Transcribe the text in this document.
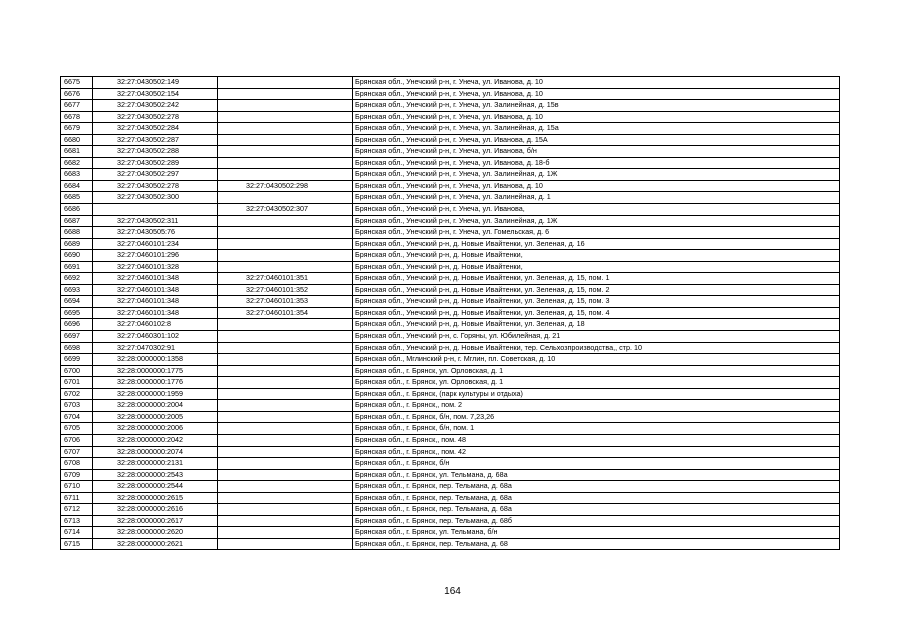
6675	32:27:0430502:149		Брянская обл., Унечский р-н, г. Унеча, ул. Иванова, д. 10
6676	32:27:0430502:154		Брянская обл., Унечский р-н, г. Унеча, ул. Иванова, д. 10
6677	32:27:0430502:242		Брянская обл., Унечский р-н, г. Унеча, ул. Залинейная, д. 15в
6678	32:27:0430502:278		Брянская обл., Унечский р-н, г. Унеча, ул. Иванова, д. 10
6679	32:27:0430502:284		Брянская обл., Унечский р-н, г. Унеча, ул. Залинейная, д. 15а
6680	32:27:0430502:287		Брянская обл., Унечский р-н, г. Унеча, ул. Иванова, д. 15А
6681	32:27:0430502:288		Брянская обл., Унечский р-н, г. Унеча, ул. Иванова, б/н
6682	32:27:0430502:289		Брянская обл., Унечский р-н, г. Унеча, ул. Иванова, д. 18-б
6683	32:27:0430502:297		Брянская обл., Унечский р-н, г. Унеча, ул. Залинейная, д. 1Ж
6684	32:27:0430502:278	32:27:0430502:298	Брянская обл., Унечский р-н, г. Унеча, ул. Иванова, д. 10
6685	32:27:0430502:300		Брянская обл., Унечский р-н, г. Унеча, ул. Залинейная, д. 1
6686		32:27:0430502:307	Брянская обл., Унечский р-н, г. Унеча, ул. Иванова,
6687	32:27:0430502:311		Брянская обл., Унечский р-н, г. Унеча, ул. Залинейная, д. 1Ж
6688	32:27:0430505:76		Брянская обл., Унечский р-н, г. Унеча, ул. Гомельская, д. 6
6689	32:27:0460101:234		Брянская обл., Унечский р-н, д. Новые Ивайтенки, ул. Зеленая, д. 16
6690	32:27:0460101:296		Брянская обл., Унечский р-н, д. Новые Ивайтенки,
6691	32:27:0460101:328		Брянская обл., Унечский р-н, д. Новые Ивайтенки,
6692	32:27:0460101:348	32:27:0460101:351	Брянская обл., Унечский р-н, д. Новые Ивайтенки, ул. Зеленая, д. 15, пом. 1
6693	32:27:0460101:348	32:27:0460101:352	Брянская обл., Унечский р-н, д. Новые Ивайтенки, ул. Зеленая, д. 15, пом. 2
6694	32:27:0460101:348	32:27:0460101:353	Брянская обл., Унечский р-н, д. Новые Ивайтенки, ул. Зеленая, д. 15, пом. 3
6695	32:27:0460101:348	32:27:0460101:354	Брянская обл., Унечский р-н, д. Новые Ивайтенки, ул. Зеленая, д. 15, пом. 4
6696	32:27:0460102:8		Брянская обл., Унечский р-н, д. Новые Ивайтенки, ул. Зеленая, д. 18
6697	32:27:0460301:102		Брянская обл., Унечский р-н, с. Горяны, ул. Юбилейная, д. 21
6698	32:27:0470302:91		Брянская обл., Унечский р-н, д. Новые Ивайтенки, тер. Сельхозпроизводства,, стр. 10
6699	32:28:0000000:1358		Брянская обл., Мглинский р-н, г. Мглин, пл. Советская, д. 10
6700	32:28:0000000:1775		Брянская обл., г. Брянск, ул. Орловская, д. 1
6701	32:28:0000000:1776		Брянская обл., г. Брянск, ул. Орловская, д. 1
6702	32:28:0000000:1959		Брянская обл., г. Брянск, (парк культуры и отдыха)
6703	32:28:0000000:2004		Брянская обл., г. Брянск,, пом. 2
6704	32:28:0000000:2005		Брянская обл., г. Брянск, б/н, пом. 7,23,26
6705	32:28:0000000:2006		Брянская обл., г. Брянск, б/н, пом. 1
6706	32:28:0000000:2042		Брянская обл., г. Брянск,, пом. 48
6707	32:28:0000000:2074		Брянская обл., г. Брянск,, пом. 42
6708	32:28:0000000:2131		Брянская обл., г. Брянск, б/н
6709	32:28:0000000:2543		Брянская обл., г. Брянск, ул. Тельмана, д. 68а
6710	32:28:0000000:2544		Брянская обл., г. Брянск, пер. Тельмана, д. 68а
6711	32:28:0000000:2615		Брянская обл., г. Брянск, пер. Тельмана, д. 68а
6712	32:28:0000000:2616		Брянская обл., г. Брянск, пер. Тельмана, д. 68а
6713	32:28:0000000:2617		Брянская обл., г. Брянск, пер. Тельмана, д. 68б
6714	32:28:0000000:2620		Брянская обл., г. Брянск, ул. Тельмана, б/н
6715	32:28:0000000:2621		Брянская обл., г. Брянск, пер. Тельмана, д. 68
164
